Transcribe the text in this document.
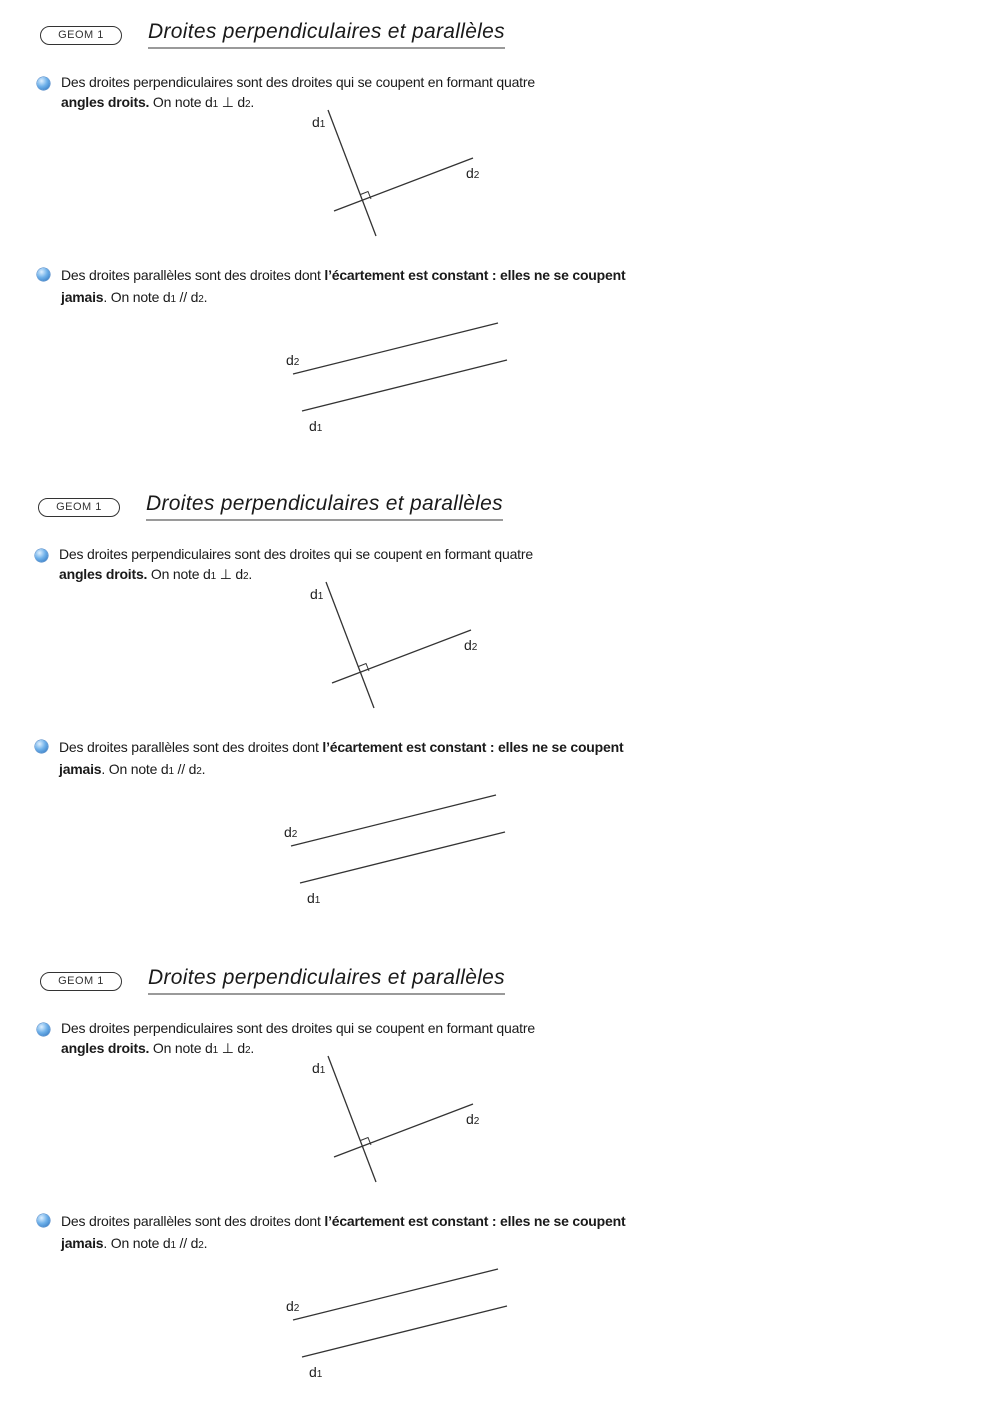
GEOM 1	Droites perpendiculaires et parallèles

Des droites perpendiculaires sont des droites qui se coupent en formant quatre
angles droits. On note d1 ⊥ d2.

d1
d2

Des droites parallèles sont des droites dont l’écartement est constant : elles ne se coupent jamais. On note d1 // d2.

d2
d1
GEOM 1	Droites perpendiculaires et parallèles

Des droites perpendiculaires sont des droites qui se coupent en formant quatre
angles droits. On note d1 ⊥ d2.

d1
d2

Des droites parallèles sont des droites dont l’écartement est constant : elles ne se coupent jamais. On note d1 // d2.

d2
d1
GEOM 1	Droites perpendiculaires et parallèles

Des droites perpendiculaires sont des droites qui se coupent en formant quatre
angles droits. On note d1 ⊥ d2.

d1
d2

Des droites parallèles sont des droites dont l’écartement est constant : elles ne se coupent jamais. On note d1 // d2.

d2
d1
